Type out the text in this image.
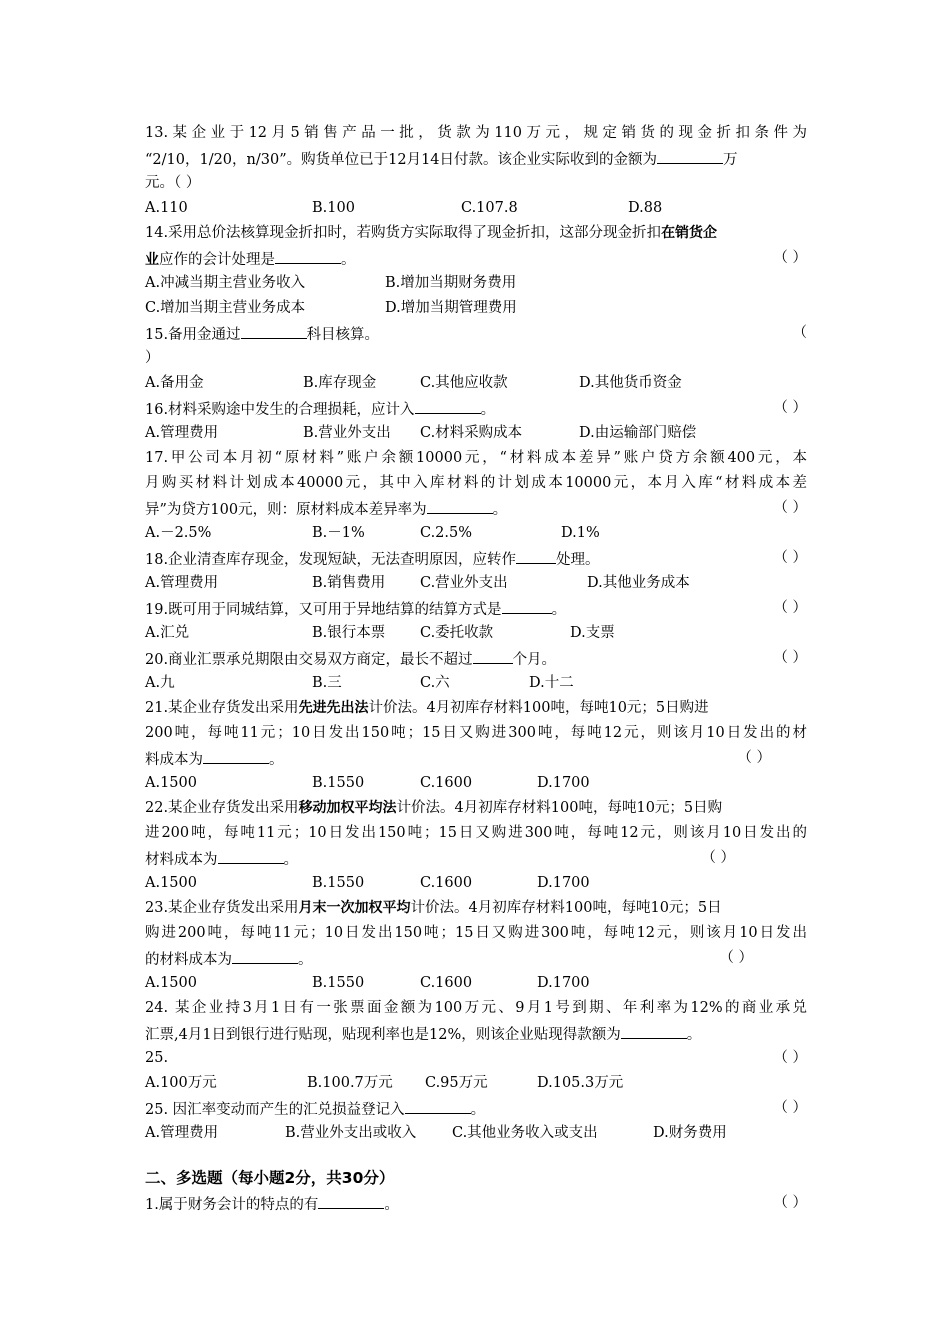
13.某企业于12月5销售产品一批，货款为110万元，规定销货的现金折扣条件为
“2/10，1/20，n/30”。购货单位已于12月14日付款。该企业实际收到的金额为	万
元。（ ）
A.110	B.100	C.107.8	D.88
14.采用总价法核算现金折扣时，若购货方实际取得了现金折扣，这部分现金折扣在销货企
业应作的会计处理是	。	（ ）
A.冲减当期主营业务收入	B.增加当期财务费用
C.增加当期主营业务成本	D.增加当期管理费用
15.备用金通过	科目核算。	（
）
A.备用金	B.库存现金	C.其他应收款	D.其他货币资金
16.材料采购途中发生的合理损耗，应计入	。	（ ）
A.管理费用	B.营业外支出 C.材料采购成本	D.由运输部门赔偿
17.甲公司本月初“原材料”账户余额10000元，“材料成本差异”账户贷方余额400元，本
月购买材料计划成本40000元，其中入库材料的计划成本10000元，本月入库“材料成本差
异”为贷方100元，则：原材料成本差异率为	。	（ ）
A.－2.5%	B.－1%	C.2.5%	D.1%
18.企业清查库存现金，发现短缺，无法查明原因，应转作	处理。	（ ）
A.管理费用	B.销售费用 C.营业外支出	D.其他业务成本
19.既可用于同城结算，又可用于异地结算的结算方式是	。	（ ）
A.汇兑	B.银行本票 C.委托收款	D.支票
20.商业汇票承兑期限由交易双方商定，最长不超过	个月。	（ ）
A.九	B.三	C.六	D.十二
21.某企业存货发出采用先进先出法计价法。4月初库存材料100吨，每吨10元；5日购进
200吨，每吨11元；10日发出150吨；15日又购进300吨，每吨12元，则该月10日发出的材
料成本为	。	（ ）
A.1500	B.1550	C.1600	D.1700
22.某企业存货发出采用移动加权平均法计价法。4月初库存材料100吨，每吨10元；5日购
进200吨，每吨11元；10日发出150吨；15日又购进300吨，每吨12元，则该月10日发出的
材料成本为	。	（ ）
A.1500	B.1550	C.1600	D.1700
23.某企业存货发出采用月末一次加权平均计价法。4月初库存材料100吨，每吨10元；5日
购进200吨，每吨11元；10日发出150吨；15日又购进300吨，每吨12元，则该月10日发出
的材料成本为	。	（ ）
A.1500	B.1550	C.1600	D.1700
24. 某企业持3月1日有一张票面金额为100万元、9月1号到期、年利率为12%的商业承兑
汇票,4月1日到银行进行贴现，贴现利率也是12%，则该企业贴现得款额为	。
25.	（ ）
A.100万元	B.100.7万元 C.95万元	D.105.3万元
25. 因汇率变动而产生的汇兑损益登记入	。	（ ）
A.管理费用	B.营业外支出或收入 C.其他业务收入或支出	D.财务费用
二、多选题（每小题2分，共30分）
1.属于财务会计的特点的有	。	（ ）
